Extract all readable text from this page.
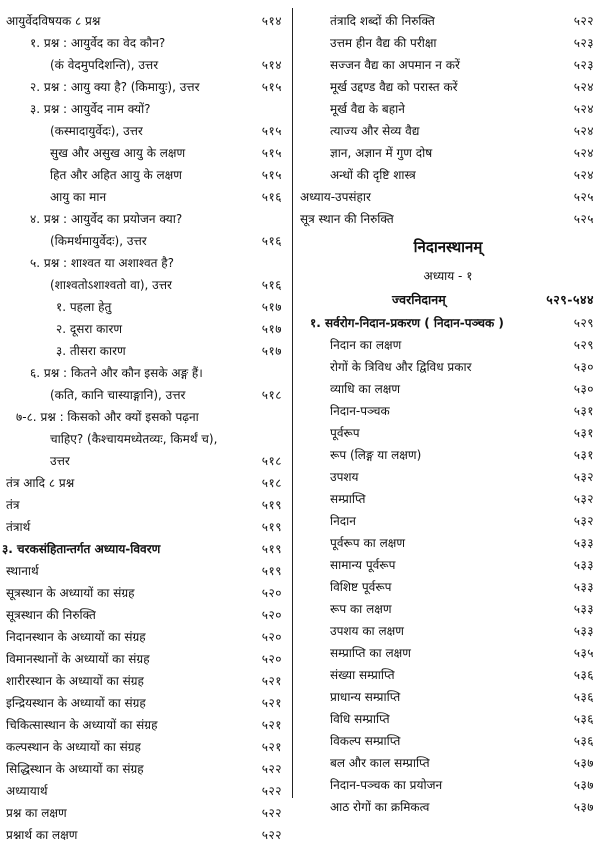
आयुर्वेदविषयक ८ प्रश्न	५१४
१. प्रश्न : आयुर्वेद का वेद कौन?
(कं वेदमुपदिशन्ति), उत्तर	५१४
२. प्रश्न : आयु क्या है? (किमायुः), उत्तर	५१५
३. प्रश्न : आयुर्वेद नाम क्यों?
(कस्मादायुर्वेदः), उत्तर	५१५
सुख और असुख आयु के लक्षण	५१५
हित और अहित आयु के लक्षण	५१५
आयु का मान	५१६
४. प्रश्न : आयुर्वेद का प्रयोजन क्या?
(किमर्थमायुर्वेदः), उत्तर	५१६
५. प्रश्न : शाश्वत या अशाश्वत है?
(शाश्वतोऽशाश्वतो वा), उत्तर	५१६
१. पहला हेतु	५१७
२. दूसरा कारण	५१७
३. तीसरा कारण	५१७
६. प्रश्न : कितने और कौन इसके अङ्ग हैं।
(कति, कानि चास्याङ्गानि), उत्तर	५१८
७-८. प्रश्न : किसको और क्यों इसको पढ़ना
चाहिए? (कैश्चायमध्येतव्यः, किमर्थं च),
उत्तर	५१८
तंत्र आदि ८ प्रश्न	५१८
तंत्र	५१९
तंत्रार्थ	५१९
३. चरकसंहितान्तर्गत अध्याय-विवरण	५१९
स्थानार्थ	५१९
सूत्रस्थान के अध्यायों का संग्रह	५२०
सूत्रस्थान की निरुक्ति	५२०
निदानस्थान के अध्यायों का संग्रह	५२०
विमानस्थानों के अध्यायों का संग्रह	५२०
शारीरस्थान के अध्यायों का संग्रह	५२१
इन्द्रियस्थान के अध्यायों का संग्रह	५२१
चिकित्सास्थान के अध्यायों का संग्रह	५२१
कल्पस्थान के अध्यायों का संग्रह	५२१
सिद्धिस्थान के अध्यायों का संग्रह	५२२
अध्यायार्थ	५२२
प्रश्न का लक्षण	५२२
प्रश्नार्थ का लक्षण	५२२
तंत्रादि शब्दों की निरुक्ति	५२२
उत्तम हीन वैद्य की परीक्षा	५२३
सज्जन वैद्य का अपमान न करें	५२३
मूर्ख उद्दण्ड वैद्य को परास्त करें	५२४
मूर्ख वैद्य के बहाने	५२४
त्याज्य और सेव्य वैद्य	५२४
ज्ञान, अज्ञान में गुण दोष	५२४
अन्धों की दृष्टि शास्त्र	५२४
अध्याय-उपसंहार	५२५
सूत्र स्थान की निरुक्ति	५२५
निदानस्थानम्
अध्याय - १
ज्वरनिदानम्	५२९-५४४
१. सर्वरोग-निदान-प्रकरण ( निदान-पञ्चक )	५२९
निदान का लक्षण	५२९
रोगों के त्रिविध और द्विविध प्रकार	५३०
व्याधि का लक्षण	५३०
निदान-पञ्चक	५३१
पूर्वरूप	५३१
रूप (लिङ्ग या लक्षण)	५३१
उपशय	५३२
सम्प्राप्ति	५३२
निदान	५३२
पूर्वरूप का लक्षण	५३३
सामान्य पूर्वरूप	५३३
विशिष्ट पूर्वरूप	५३३
रूप का लक्षण	५३३
उपशय का लक्षण	५३३
सम्प्राप्ति का लक्षण	५३५
संख्या सम्प्राप्ति	५३६
प्राधान्य सम्प्राप्ति	५३६
विधि सम्प्राप्ति	५३६
विकल्प सम्प्राप्ति	५३६
बल और काल सम्प्राप्ति	५३७
निदान-पञ्चक का प्रयोजन	५३७
आठ रोगों का क्रमिकत्व	५३७
